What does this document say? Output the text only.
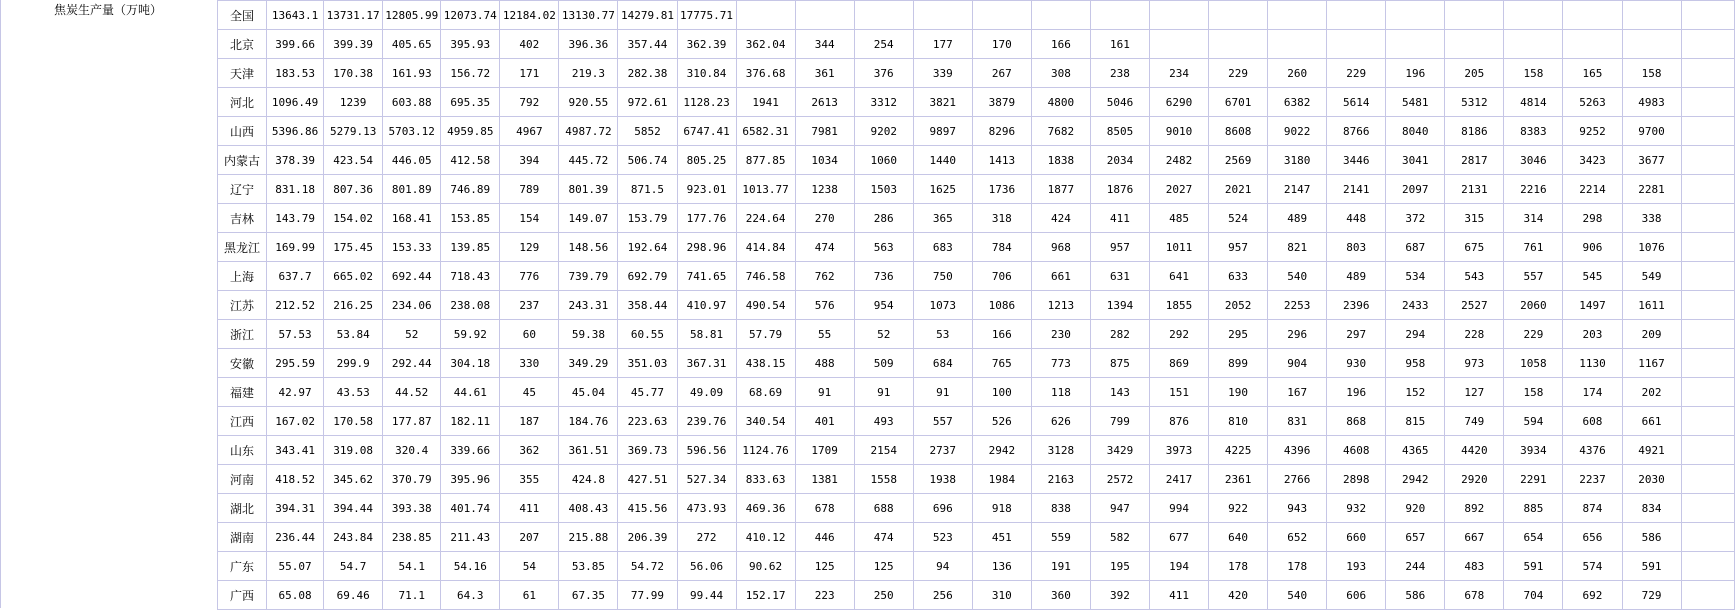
焦炭生产量（万吨）	全国	13643.1	13731.17	12805.99	12073.74	12184.02	13130.77	14279.81	17775.71																	
北京	399.66	399.39	405.65	395.93	402	396.36	357.44	362.39	362.04	344	254	177	170	166	161										
天津	183.53	170.38	161.93	156.72	171	219.3	282.38	310.84	376.68	361	376	339	267	308	238	234	229	260	229	196	205	158	165	158	
河北	1096.49	1239	603.88	695.35	792	920.55	972.61	1128.23	1941	2613	3312	3821	3879	4800	5046	6290	6701	6382	5614	5481	5312	4814	5263	4983	
山西	5396.86	5279.13	5703.12	4959.85	4967	4987.72	5852	6747.41	6582.31	7981	9202	9897	8296	7682	8505	9010	8608	9022	8766	8040	8186	8383	9252	9700	
内蒙古	378.39	423.54	446.05	412.58	394	445.72	506.74	805.25	877.85	1034	1060	1440	1413	1838	2034	2482	2569	3180	3446	3041	2817	3046	3423	3677	
辽宁	831.18	807.36	801.89	746.89	789	801.39	871.5	923.01	1013.77	1238	1503	1625	1736	1877	1876	2027	2021	2147	2141	2097	2131	2216	2214	2281	
吉林	143.79	154.02	168.41	153.85	154	149.07	153.79	177.76	224.64	270	286	365	318	424	411	485	524	489	448	372	315	314	298	338	
黑龙江	169.99	175.45	153.33	139.85	129	148.56	192.64	298.96	414.84	474	563	683	784	968	957	1011	957	821	803	687	675	761	906	1076	
上海	637.7	665.02	692.44	718.43	776	739.79	692.79	741.65	746.58	762	736	750	706	661	631	641	633	540	489	534	543	557	545	549	
江苏	212.52	216.25	234.06	238.08	237	243.31	358.44	410.97	490.54	576	954	1073	1086	1213	1394	1855	2052	2253	2396	2433	2527	2060	1497	1611	
浙江	57.53	53.84	52	59.92	60	59.38	60.55	58.81	57.79	55	52	53	166	230	282	292	295	296	297	294	228	229	203	209	
安徽	295.59	299.9	292.44	304.18	330	349.29	351.03	367.31	438.15	488	509	684	765	773	875	869	899	904	930	958	973	1058	1130	1167	
福建	42.97	43.53	44.52	44.61	45	45.04	45.77	49.09	68.69	91	91	91	100	118	143	151	190	167	196	152	127	158	174	202	
江西	167.02	170.58	177.87	182.11	187	184.76	223.63	239.76	340.54	401	493	557	526	626	799	876	810	831	868	815	749	594	608	661	
山东	343.41	319.08	320.4	339.66	362	361.51	369.73	596.56	1124.76	1709	2154	2737	2942	3128	3429	3973	4225	4396	4608	4365	4420	3934	4376	4921	
河南	418.52	345.62	370.79	395.96	355	424.8	427.51	527.34	833.63	1381	1558	1938	1984	2163	2572	2417	2361	2766	2898	2942	2920	2291	2237	2030	
湖北	394.31	394.44	393.38	401.74	411	408.43	415.56	473.93	469.36	678	688	696	918	838	947	994	922	943	932	920	892	885	874	834	
湖南	236.44	243.84	238.85	211.43	207	215.88	206.39	272	410.12	446	474	523	451	559	582	677	640	652	660	657	667	654	656	586	
广东	55.07	54.7	54.1	54.16	54	53.85	54.72	56.06	90.62	125	125	94	136	191	195	194	178	178	193	244	483	591	574	591	
广西	65.08	69.46	71.1	64.3	61	67.35	77.99	99.44	152.17	223	250	256	310	360	392	411	420	540	606	586	678	704	692	729	
